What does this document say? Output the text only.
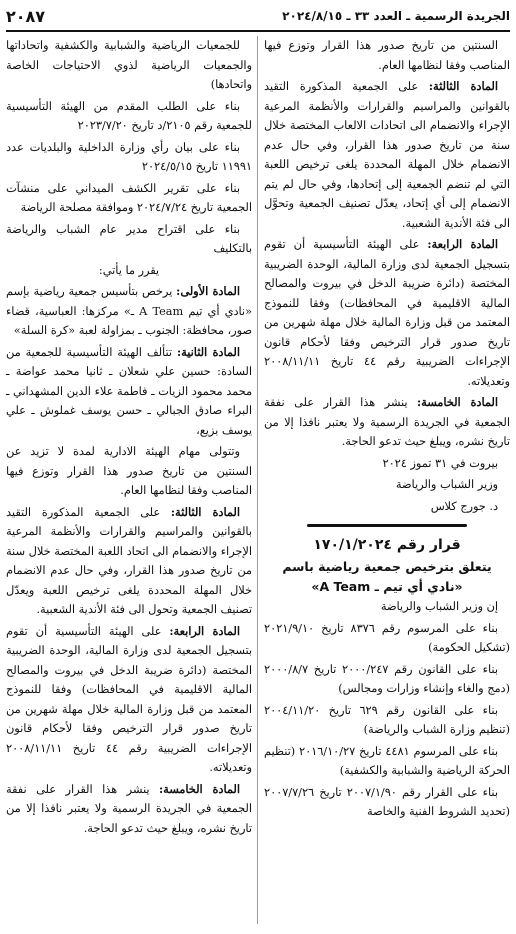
الجريدة الرسمية ـ العدد ٣٣ ـ ٢٠٢٤/٨/١٥
٢٠٨٧

السنتين من تاريخ صدور هذا القرار وتوزع فيها المناصب وفقا لنظامها العام.

المادة الثالثة: على الجمعية المذكورة التقيد بالقوانين والمراسيم والقرارات والأنظمة المرعية الإجراء والانضمام الى اتحادات الالعاب المختصة خلال سنة من تاريخ صدور هذا القرار، وفي حال عدم الانضمام خلال المهلة المحددة يلغى ترخيص اللعبة التي لم تنضم الجمعية إلى إتحادها، وفي حال لم يتم الانضمام إلى أي إتحاد، يعدّل تصنيف الجمعية وتحوَّل الى فئة الأندية الشعبية.

المادة الرابعة: على الهيئة التأسيسية أن تقوم بتسجيل الجمعية لدى وزارة المالية، الوحدة الضريبية المختصة (دائرة ضريبة الدخل في بيروت والمصالح المالية الاقليمية في المحافظات) وفقا للنموذج المعتمد من قبل وزارة المالية خلال مهلة شهرين من تاريخ صدور قرار الترخيص وفقا لأحكام قانون الإجراءات الضريبية رقم ٤٤ تاريخ ٢٠٠٨/١١/١١ وتعديلاته.

المادة الخامسة: ينشر هذا القرار على نفقة الجمعية في الجريدة الرسمية ولا يعتبر نافذا إلا من تاريخ نشره، ويبلغ حيث تدعو الحاجة.

بيروت في ٣١ تموز ٢٠٢٤

وزير الشباب والرياضة

د. جورج كلاس

قرار رقم ١٧٠/١/٢٠٢٤
يتعلق بترخيص جمعية رياضية باسم
«نادي أي تيم ـ A Team»

إن وزير الشباب والرياضة

بناء على المرسوم رقم ٨٣٧٦ تاريخ ٢٠٢١/٩/١٠ (تشكيل الحكومة)

بناء على القانون رقم ٢٠٠٠/٢٤٧ تاريخ ٢٠٠٠/٨/٧ (دمج والغاء وإنشاء وزارات ومجالس)

بناء على القانون رقم ٦٢٩ تاريخ ٢٠٠٤/١١/٢٠ (تنظيم وزارة الشباب والرياضة)

بناء على المرسوم ٤٤٨١ تاريخ ٢٠١٦/١٠/٢٧ (تنظيم الحركة الرياضية والشبابية والكشفية)

بناء على القرار رقم ٢٠٠٧/١/٩٠ تاريخ ٢٠٠٧/٧/٢٦ (تحديد الشروط الفنية والخاصة

للجمعيات الرياضية والشبابية والكشفية واتحاداتها والجمعيات الرياضية لذوي الاحتياجات الخاصة واتحادها)

بناء على الطلب المقدم من الهيئة التأسيسية للجمعية رقم ٢١٠٥/د تاريخ ٢٠٢٣/٧/٢٠

بناء على بيان رأي وزارة الداخلية والبلديات عدد ١١٩٩١ تاريخ ٢٠٢٤/٥/١٥

بناء على تقرير الكشف الميداني على منشآت الجمعية تاريخ ٢٠٢٤/٧/٢٤ وموافقة مصلحة الرياضة

بناء على اقتراح مدير عام الشباب والرياضة بالتكليف

يقرر ما يأتي:

المادة الأولى: يرخص بتأسيس جمعية رياضية بإسم «نادي أي تيم A Team ـ» مركزها: العباسية، قضاء صور، محافظة: الجنوب ـ بمزاولة لعبة «كرة السلة»

المادة الثانية: تتألف الهيئة التأسيسية للجمعية من السادة: حسين علي شعلان ـ ثانيا محمد عواضة ـ محمد محمود الزيات ـ فاطمة علاء الدين المشهداني ـ البراء صادق الجبالي ـ حسن يوسف غملوش ـ علي يوسف بزيع،

وتتولى مهام الهيئة الادارية لمدة لا تزيد عن السنتين من تاريخ صدور هذا القرار وتوزع فيها المناصب وفقا لنظامها العام.

المادة الثالثة: على الجمعية المذكورة التقيد بالقوانين والمراسيم والقرارات والأنظمة المرعية الإجراء والانضمام الى اتحاد اللعبة المختصة خلال سنة من تاريخ صدور هذا القرار، وفي حال عدم الانضمام خلال المهلة المحددة يلغى ترخيص اللعبة ويعدّل تصنيف الجمعية وتحول الى فئة الأندية الشعبية.

المادة الرابعة: على الهيئة التأسيسية أن تقوم بتسجيل الجمعية لدى وزارة المالية، الوحدة الضريبية المختصة (دائرة ضريبة الدخل في بيروت والمصالح المالية الاقليمية في المحافظات) وفقا للنموذج المعتمد من قبل وزارة المالية خلال مهلة شهرين من تاريخ صدور قرار الترخيص وفقا لأحكام قانون الإجراءات الضريبية رقم ٤٤ تاريخ ٢٠٠٨/١١/١١ وتعديلاته.

المادة الخامسة: ينشر هذا القرار على نفقة الجمعية في الجريدة الرسمية ولا يعتبر نافذا إلا من تاريخ نشره، ويبلغ حيث تدعو الحاجة.
